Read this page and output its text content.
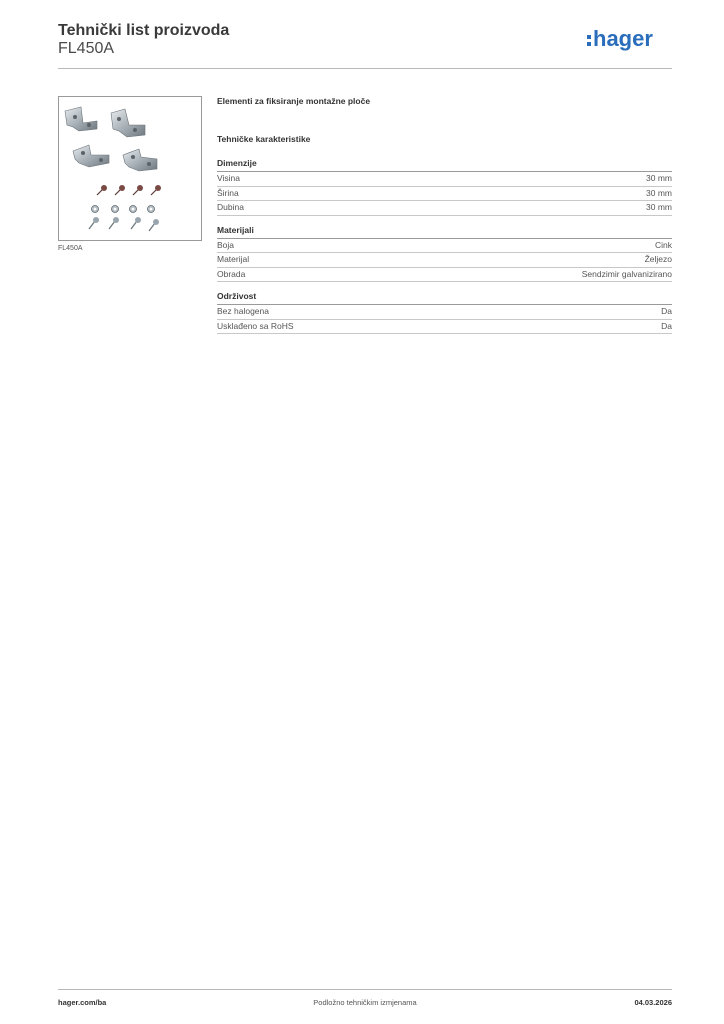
Tehnički list proizvoda
FL450A	hager
FL450A
Elementi za fiksiranje montažne ploče
Tehničke karakteristike
Dimenzije
Visina	30 mm
Širina	30 mm
Dubina	30 mm
Materijali
Boja	Cink
Materijal	Željezo
Obrada	Sendzimir galvanizirano
Održivost
Bez halogena	Da
Usklađeno sa RoHS	Da
hager.com/ba	Podložno tehničkim izmjenama	04.03.2026
